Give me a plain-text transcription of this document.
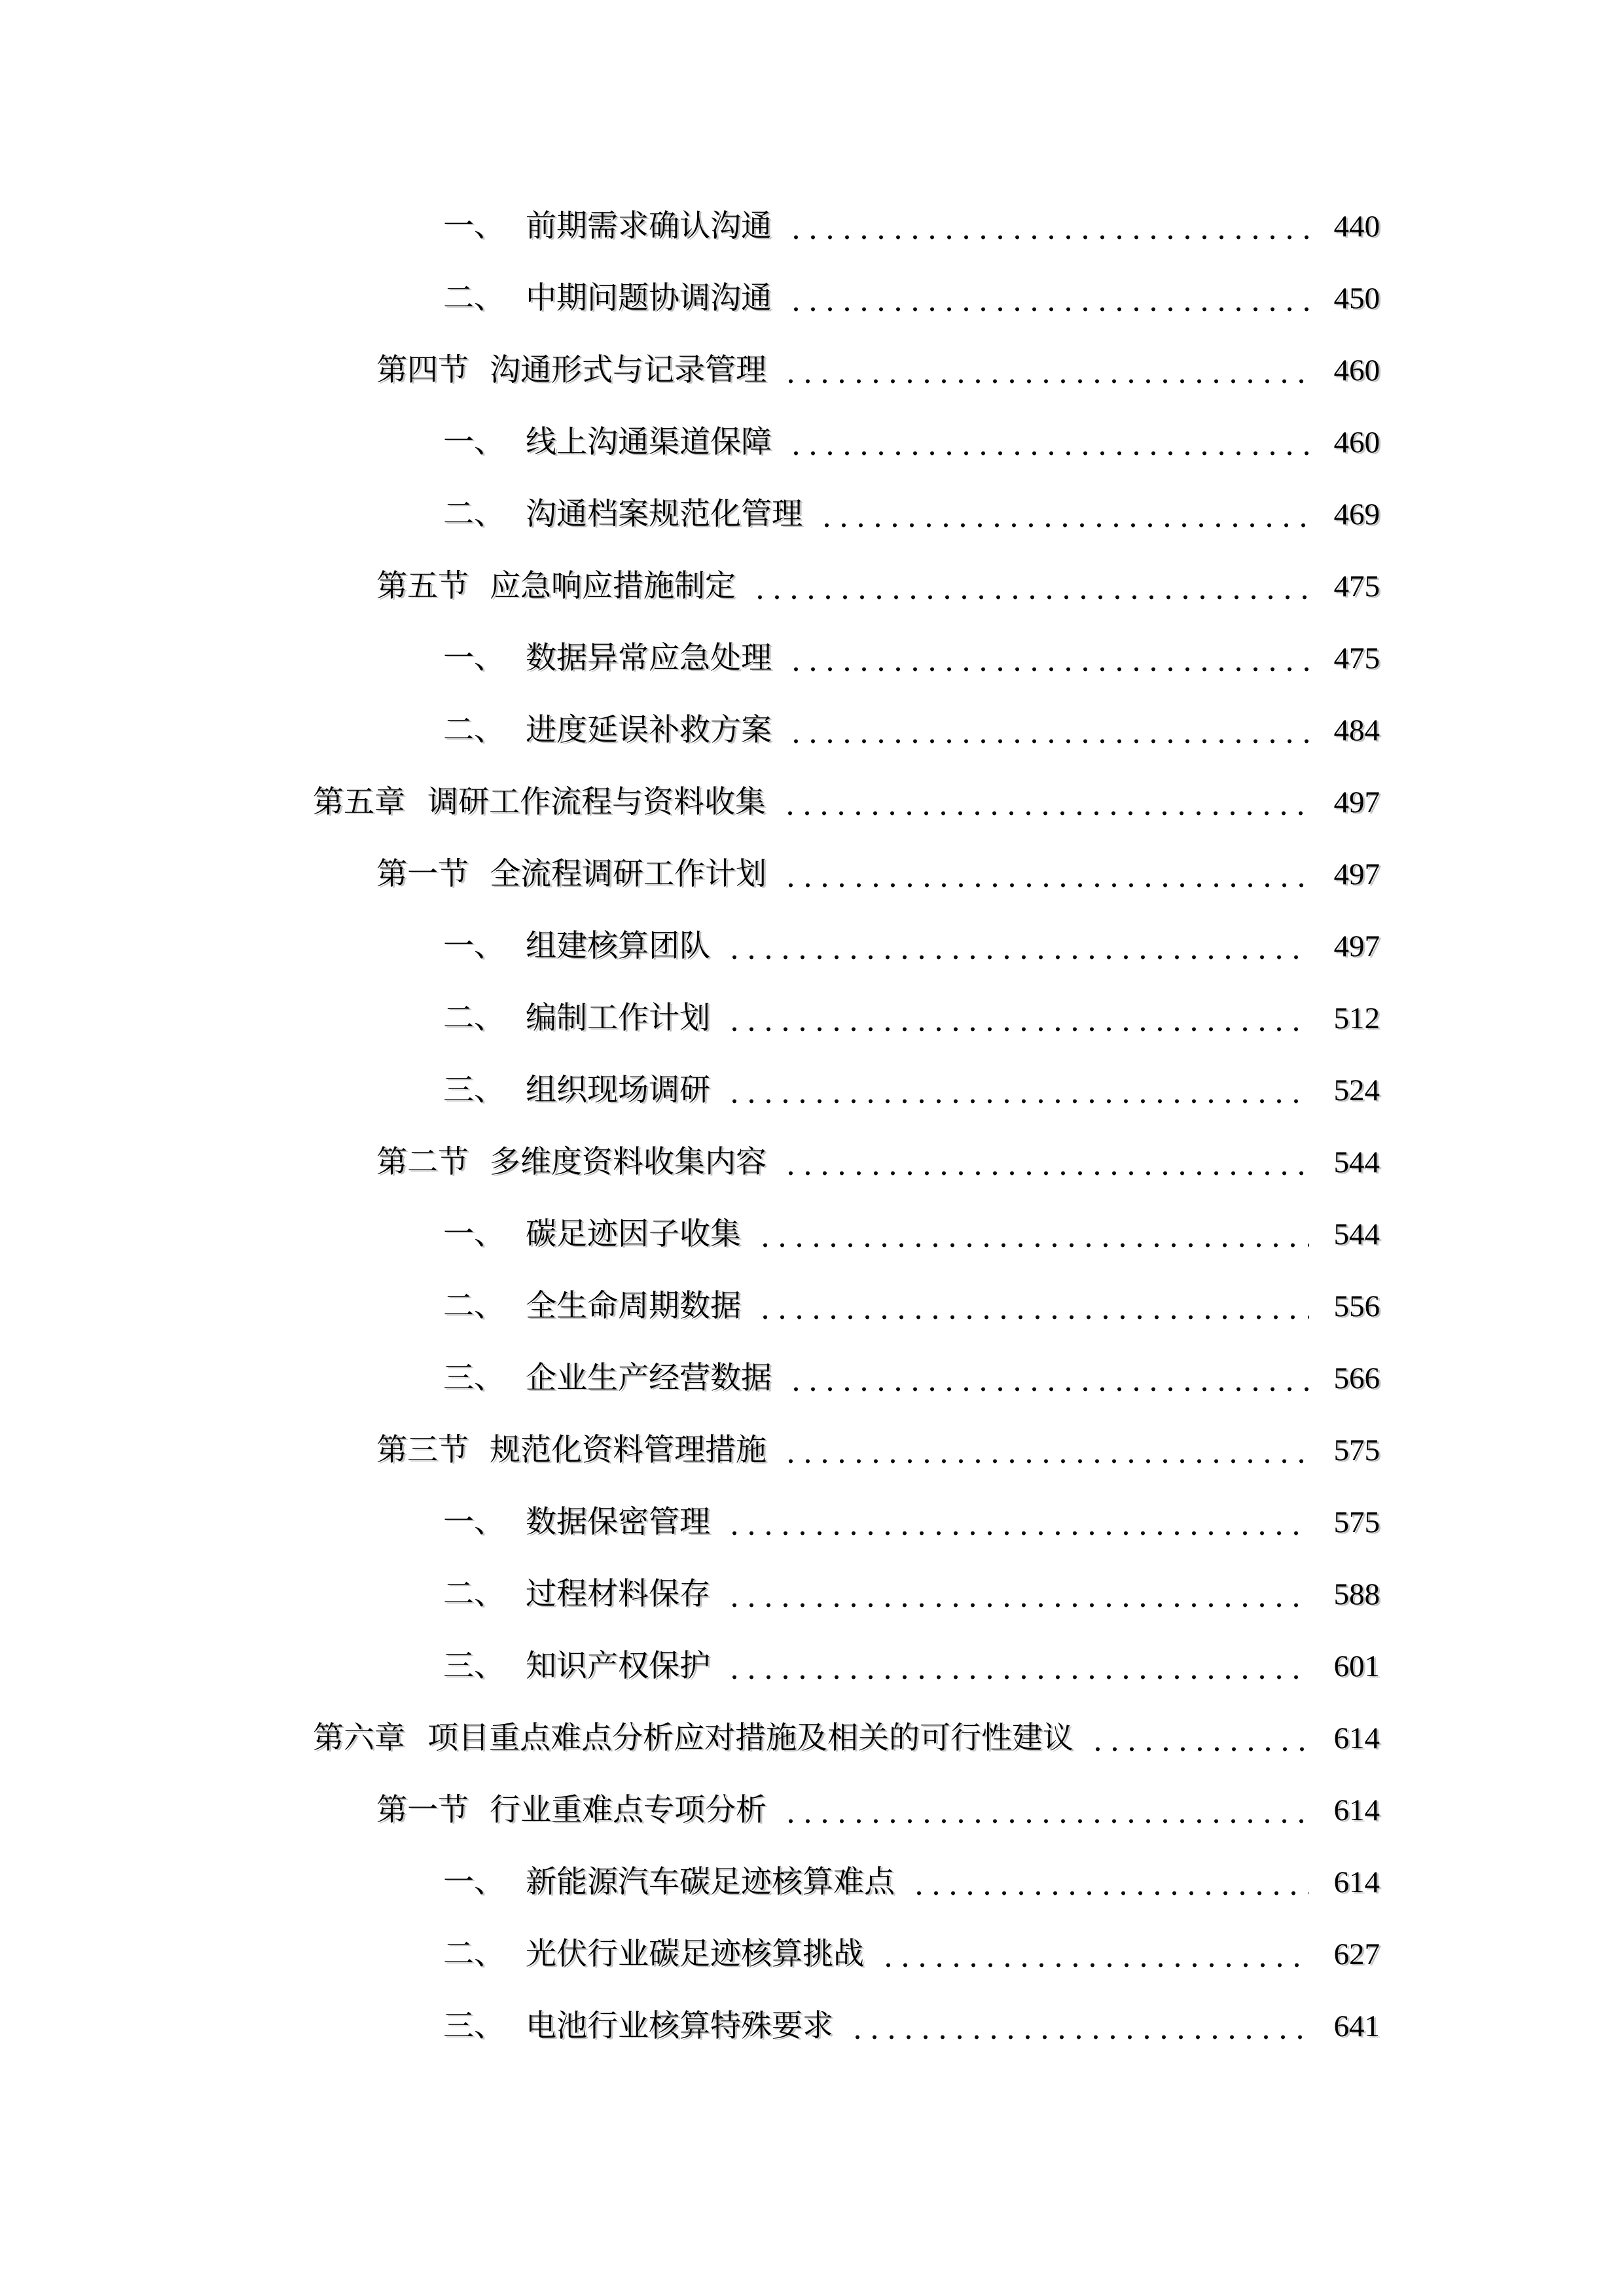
一、 前期需求确认沟通	440
二、 中期问题协调沟通	450
第四节 沟通形式与记录管理	460
一、 线上沟通渠道保障	460
二、 沟通档案规范化管理	469
第五节 应急响应措施制定	475
一、 数据异常应急处理	475
二、 进度延误补救方案	484
第五章 调研工作流程与资料收集	497
第一节 全流程调研工作计划	497
一、 组建核算团队	497
二、 编制工作计划	512
三、 组织现场调研	524
第二节 多维度资料收集内容	544
一、 碳足迹因子收集	544
二、 全生命周期数据	556
三、 企业生产经营数据	566
第三节 规范化资料管理措施	575
一、 数据保密管理	575
二、 过程材料保存	588
三、 知识产权保护	601
第六章 项目重点难点分析应对措施及相关的可行性建议	614
第一节 行业重难点专项分析	614
一、 新能源汽车碳足迹核算难点	614
二、 光伏行业碳足迹核算挑战	627
三、 电池行业核算特殊要求	641
